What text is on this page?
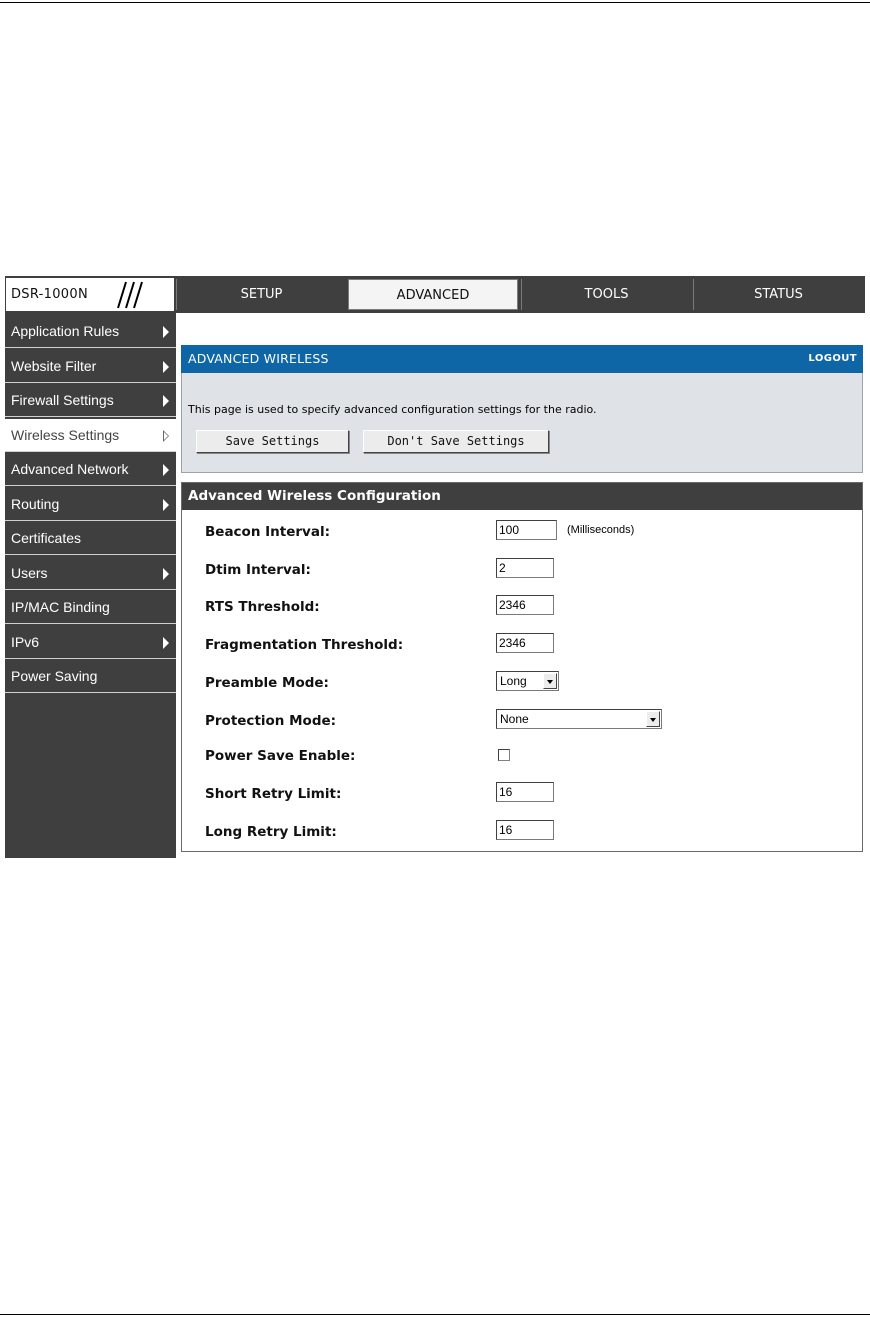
DSR-1000N	SETUP	ADVANCED	TOOLS	STATUS
Application Rules
Website Filter
Firewall Settings
Wireless Settings
Advanced Network
Routing
Certificates
Users
IP/MAC Binding
IPv6
Power Saving
ADVANCED WIRELESS	LOGOUT
This page is used to specify advanced configuration settings for the radio.
Save Settings	Don't Save Settings
Advanced Wireless Configuration
Beacon Interval:	100	(Milliseconds)
Dtim Interval:	2
RTS Threshold:	2346
Fragmentation Threshold:	2346
Preamble Mode:	Long
Protection Mode:	None
Power Save Enable:
Short Retry Limit:	16
Long Retry Limit:	16
